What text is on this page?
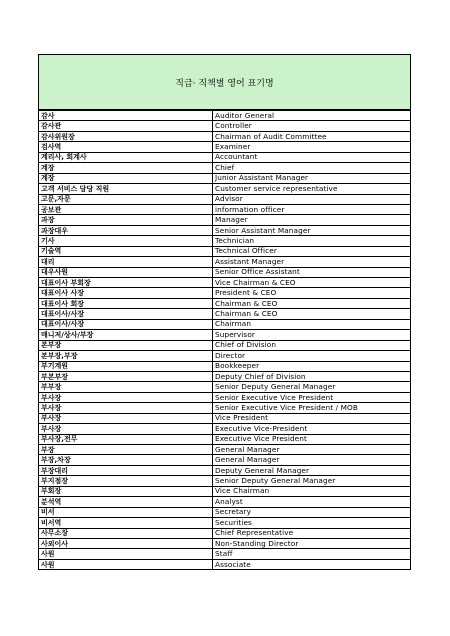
직급· 직책별 영어 표기명
감사	Auditor General
감사관	Controller
감사위원장	Chairman of Audit Committee
검사역	Examiner
계리사, 회계사	Accountant
계장	Chief
계장	Junior Assistant Manager
고객 서비스 담당 직원	Customer service representative
고문,자문	Advisor
공보관	information officer
과장	Manager
과장대우	Senior Assistant Manager
기사	Technician
기술역	Technical Officer
대리	Assistant Manager
대우사원	Senior Office Assistant
대표이사 부회장	Vice Chairman & CEO
대표이사 사장	President & CEO
대표이사 회장	Chairman & CEO
대표이사/사장	Chairman & CEO
대표이사/사장	Chairman
매니저/상사/부장	Supervisor
본부장	Chief of Division
본부장,부장	Director
부기계원	Bookkeeper
부본부장	Deputy Chief of Division
부부장	Senior Deputy General Manager
부사장	Senior Executive Vice President
부사장	Senior Executive Vice President / MOB
부사장	Vice President
부사장	Executive Vice-President
부사장,전무	Executive Vice President
부장	General Manager
부장,차장	General Manager
부장대리	Deputy General Manager
부지점장	Senior Deputy General Manager
부회장	Vice Chairman
분석역	Analyst
비서	Secretary
비서역	Securities
사무소장	Chief Representative
사외이사	Non-Standing Director
사원	Staff
사원	Associate
